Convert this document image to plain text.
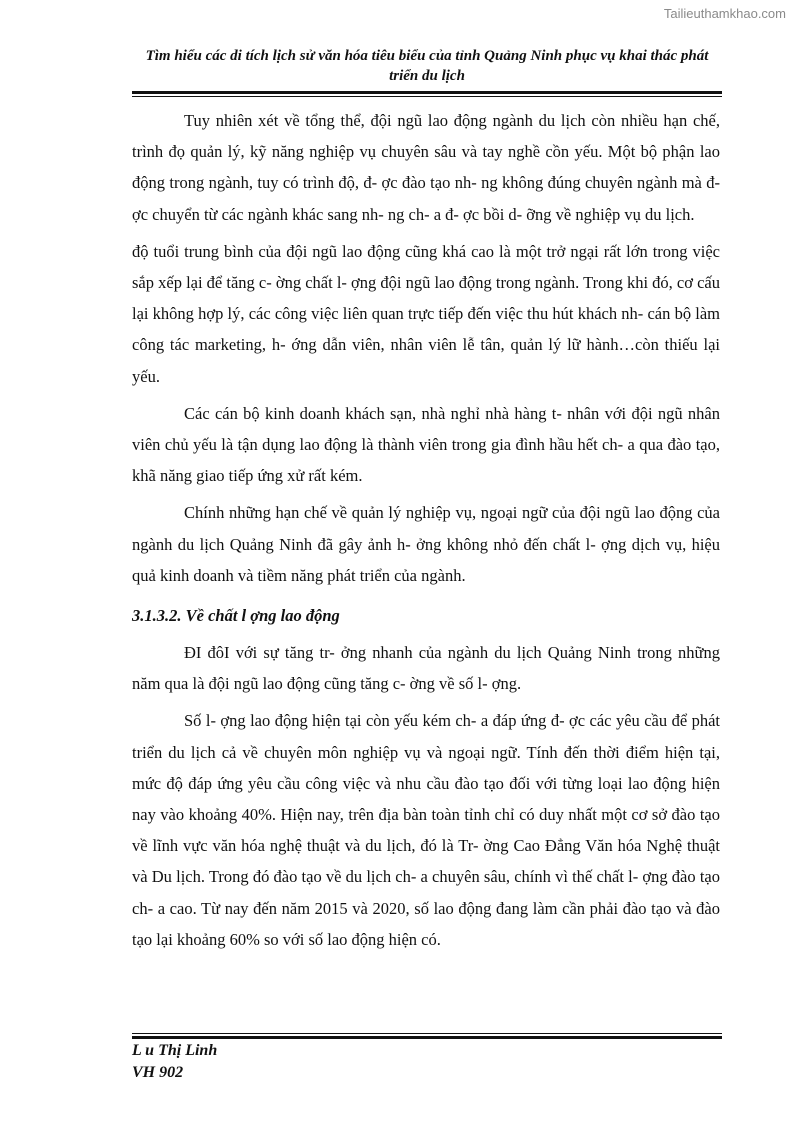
Tailieuthamkhao.com
Tìm hiểu các di tích lịch sử văn hóa tiêu biểu của tỉnh Quảng Ninh phục vụ khai thác phát triển du lịch

Tuy nhiên xét về tổng thể, đội ngũ lao động ngành du lịch còn nhiều hạn chế, trình đọ quản lý, kỹ năng nghiệp vụ chuyên sâu và tay nghề cồn yếu. Một bộ phận lao động trong ngành, tuy có trình độ, đ- ợc đào tạo nh- ng không đúng chuyên ngành mà đ- ợc chuyển từ các ngành khác sang nh- ng ch- a đ- ợc bồi d- ỡng về nghiệp vụ du lịch.

độ tuổi trung bình của đội ngũ lao động cũng khá cao là một trở ngại rất lớn trong việc sắp xếp lại để tăng c- ờng chất l- ợng đội ngũ lao động trong ngành. Trong khi đó, cơ cấu lại không hợp lý, các công việc liên quan trực tiếp đến việc thu hút khách nh- cán bộ làm công tác marketing, h- ớng dẫn viên, nhân viên lễ tân, quản lý lữ hành…còn thiếu lại yếu.

Các cán bộ kinh doanh khách sạn, nhà nghỉ nhà hàng t- nhân với đội ngũ nhân viên chủ yếu là tận dụng lao động là thành viên trong gia đình hầu hết ch- a qua đào tạo, khã năng giao tiếp ứng xử rất kém.

Chính những hạn chế về quản lý nghiệp vụ, ngoại ngữ của đội ngũ lao động của ngành du lịch Quảng Ninh đã gây ảnh h- ởng không nhỏ đến chất l- ợng dịch vụ, hiệu quả kinh doanh và tiềm năng phát triển của ngành.

3.1.3.2. Về chất l ợng lao động

ĐI đôI với sự tăng tr- ởng nhanh của ngành du lịch Quảng Ninh trong những năm qua là đội ngũ lao động cũng tăng c- ờng về số l- ợng.

Số l- ợng lao động hiện tại còn yếu kém ch- a đáp ứng đ- ợc các yêu cầu để phát triển du lịch cả về chuyên môn nghiệp vụ và ngoại ngữ. Tính đến thời điểm hiện tại, mức độ đáp ứng yêu cầu công việc và nhu cầu đào tạo đối với từng loại lao động hiện nay vào khoảng 40%. Hiện nay, trên địa bàn toàn tỉnh chỉ có duy nhất một cơ sở đào tạo về lĩnh vực văn hóa nghệ thuật và du lịch, đó là Tr- ờng Cao Đẳng Văn hóa Nghệ thuật và Du lịch. Trong đó đào tạo về du lịch ch- a chuyên sâu, chính vì thế chất l- ợng đào tạo ch- a cao. Từ nay đến năm 2015 và 2020, số lao động đang làm cần phải đào tạo và đào tạo lại khoảng 60% so với số lao động hiện có.

L u Thị Linh
VH 902
